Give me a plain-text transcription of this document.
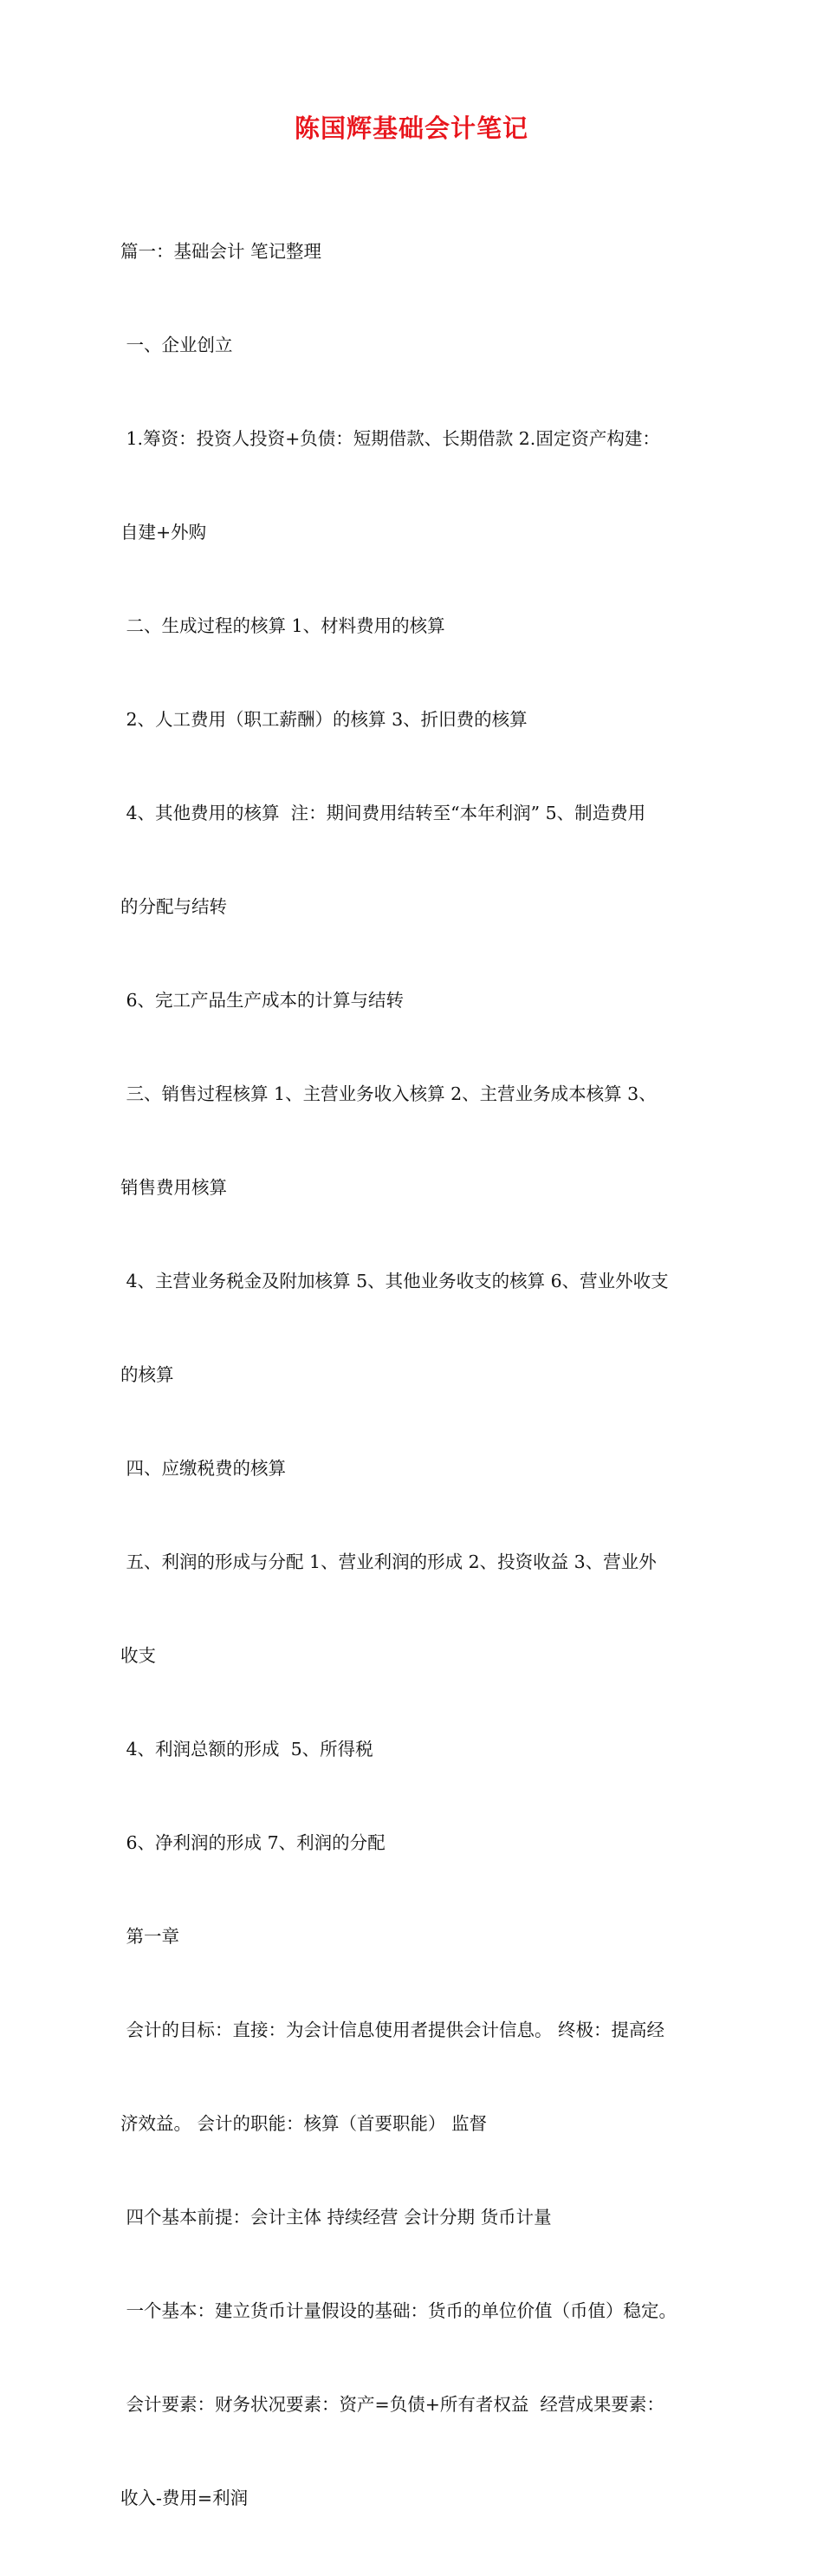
陈国辉基础会计笔记

篇一：基础会计 笔记整理

一、企业创立

1.筹资：投资人投资+负债：短期借款、长期借款 2.固定资产构建：

自建+外购

二、生成过程的核算 1、材料费用的核算

2、人工费用（职工薪酬）的核算 3、折旧费的核算

4、其他费用的核算  注：期间费用结转至“本年利润” 5、制造费用

的分配与结转

6、完工产品生产成本的计算与结转

三、销售过程核算 1、主营业务收入核算 2、主营业务成本核算 3、

销售费用核算

4、主营业务税金及附加核算 5、其他业务收支的核算 6、营业外收支

的核算

四、应缴税费的核算

五、利润的形成与分配 1、营业利润的形成 2、投资收益 3、营业外

收支

4、利润总额的形成  5、所得税

6、净利润的形成 7、利润的分配

第一章

会计的目标：直接：为会计信息使用者提供会计信息。 终极：提高经

济效益。 会计的职能：核算（首要职能） 监督

四个基本前提：会计主体 持续经营 会计分期 货币计量

一个基本：建立货币计量假设的基础：货币的单位价值（币值）稳定。

会计要素：财务状况要素：资产=负债+所有者权益  经营成果要素：

收入-费用=利润
